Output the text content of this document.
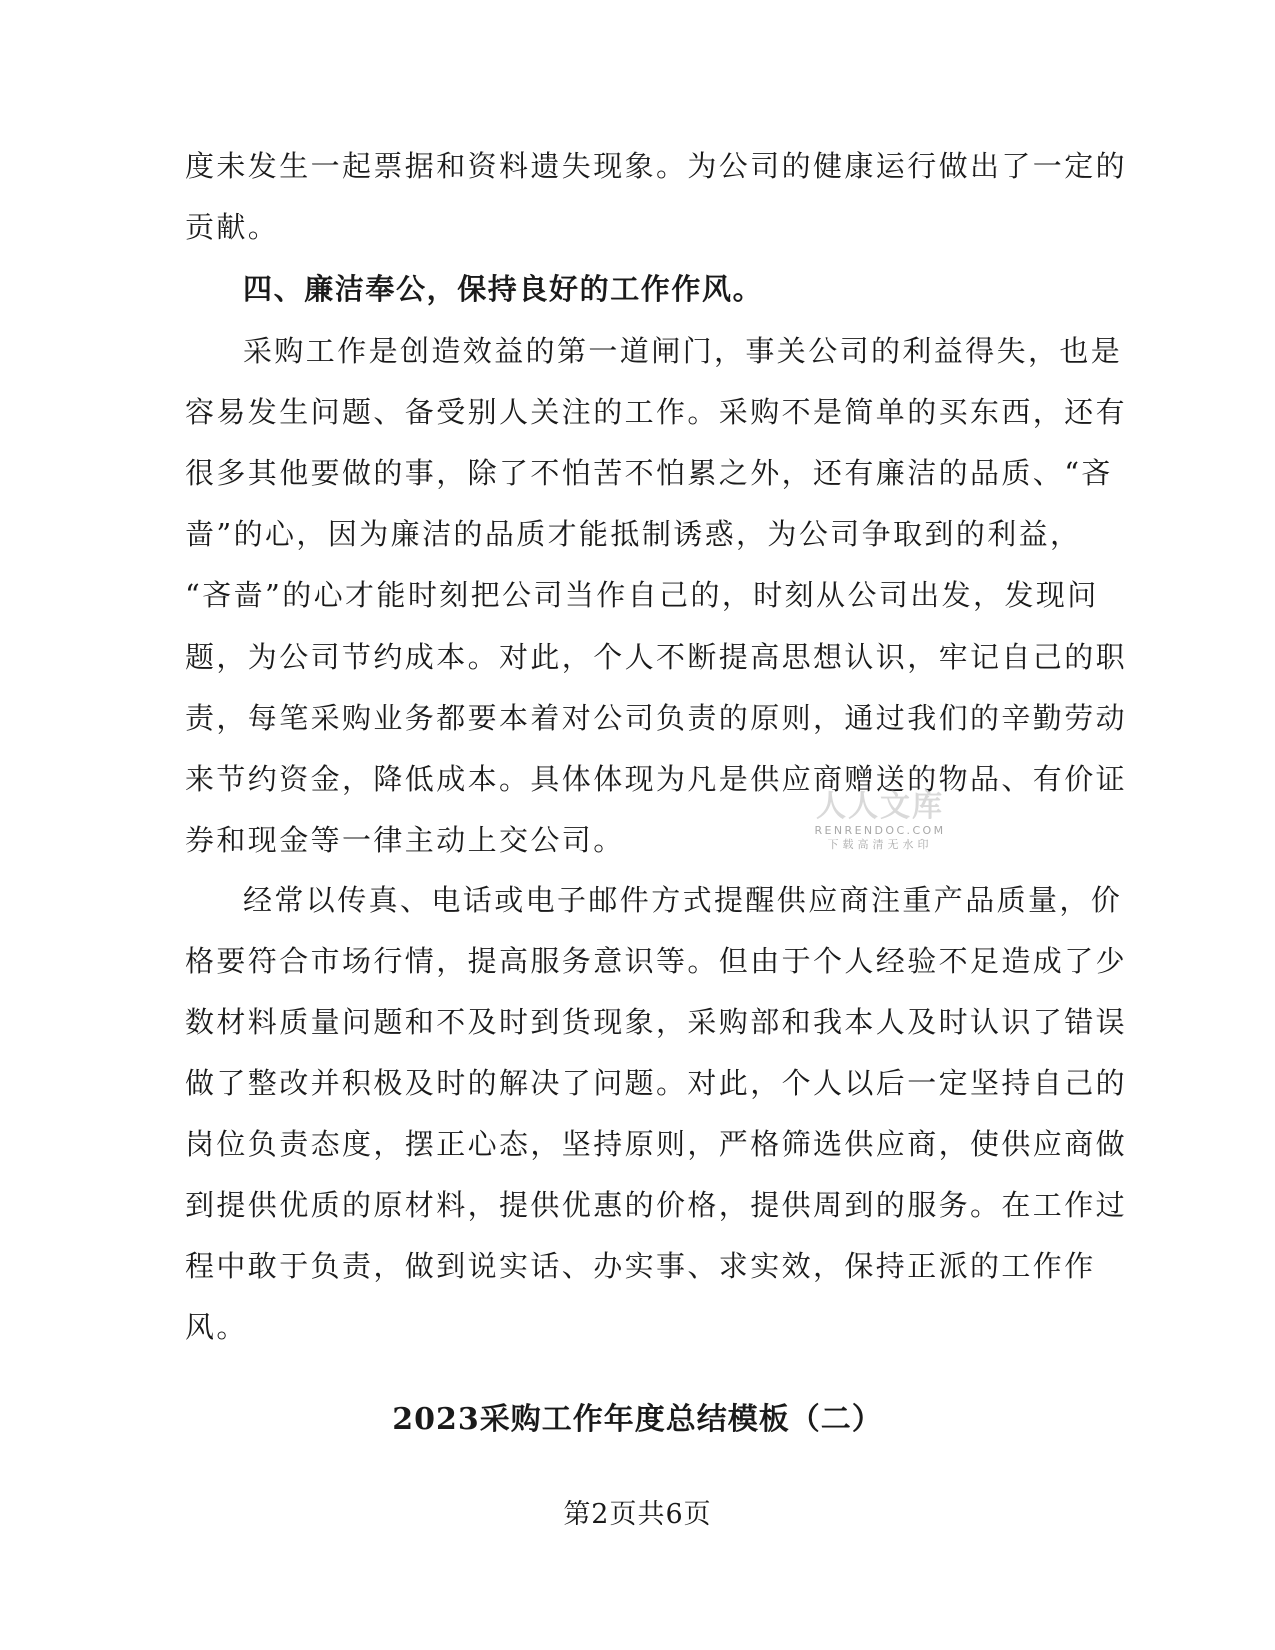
度未发生一起票据和资料遗失现象。为公司的健康运行做出了一定的
贡献。
四、廉洁奉公，保持良好的工作作风。
采购工作是创造效益的第一道闸门，事关公司的利益得失，也是
容易发生问题、备受别人关注的工作。采购不是简单的买东西，还有
很多其他要做的事，除了不怕苦不怕累之外，还有廉洁的品质、“吝
啬”的心，因为廉洁的品质才能抵制诱惑，为公司争取到的利益，
“吝啬”的心才能时刻把公司当作自己的，时刻从公司出发，发现问
题，为公司节约成本。对此，个人不断提高思想认识，牢记自己的职
责，每笔采购业务都要本着对公司负责的原则，通过我们的辛勤劳动
来节约资金，降低成本。具体体现为凡是供应商赠送的物品、有价证
券和现金等一律主动上交公司。
经常以传真、电话或电子邮件方式提醒供应商注重产品质量，价
格要符合市场行情，提高服务意识等。但由于个人经验不足造成了少
数材料质量问题和不及时到货现象，采购部和我本人及时认识了错误
做了整改并积极及时的解决了问题。对此，个人以后一定坚持自己的
岗位负责态度，摆正心态，坚持原则，严格筛选供应商，使供应商做
到提供优质的原材料，提供优惠的价格，提供周到的服务。在工作过
程中敢于负责，做到说实话、办实事、求实效，保持正派的工作作
风。
2023采购工作年度总结模板（二）
第2页共6页
人人文库
RENRENDOC.COM
下载高清无水印
